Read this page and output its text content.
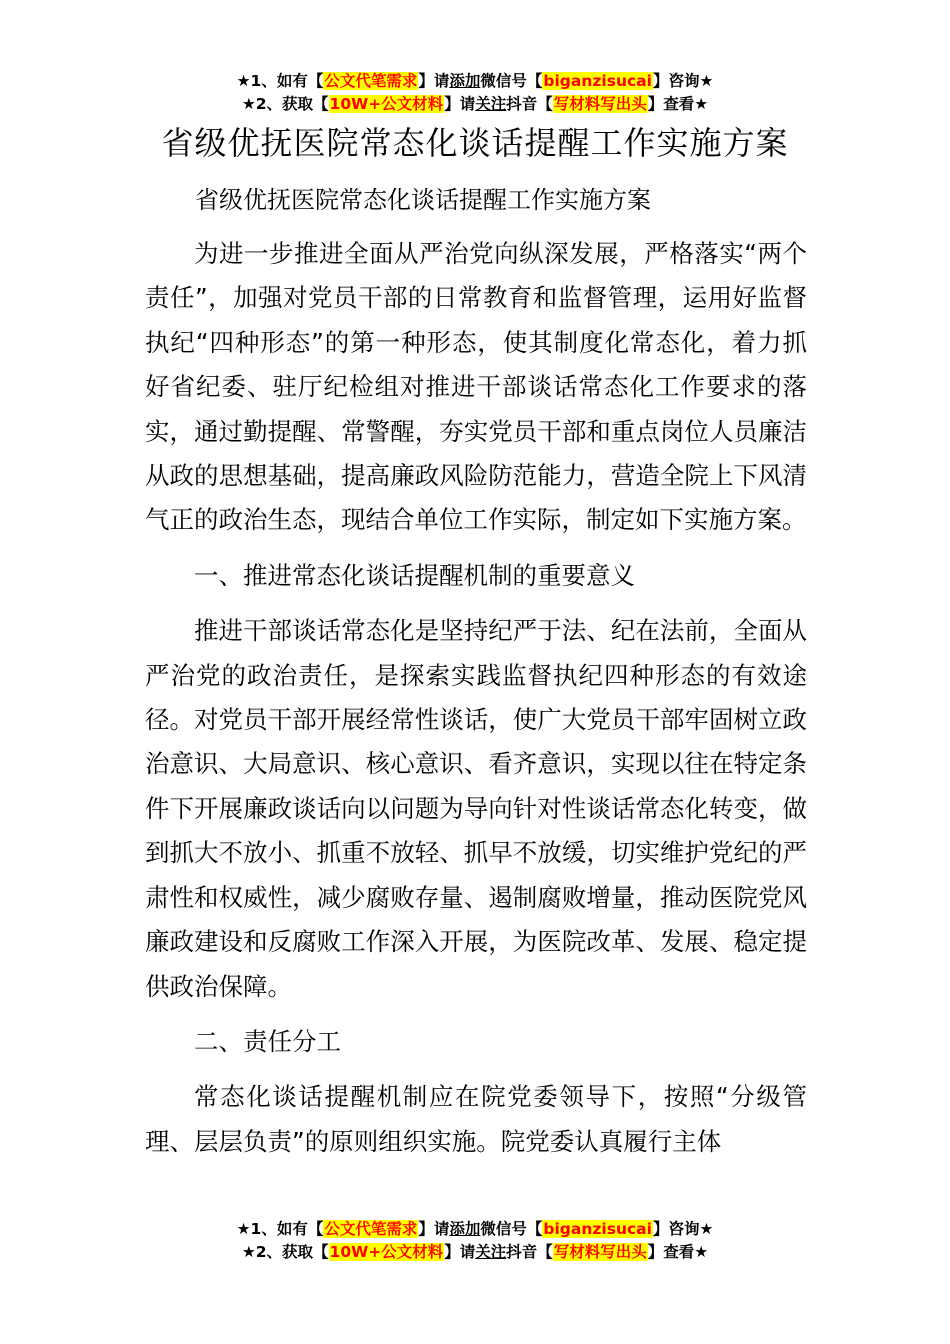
★1、如有【公文代笔需求】请添加微信号【biganzisucai】咨询★
★2、获取【10W+公文材料】请关注抖音【写材料写出头】查看★
省级优抚医院常态化谈话提醒工作实施方案
省级优抚医院常态化谈话提醒工作实施方案

为进一步推进全面从严治党向纵深发展，严格落实“两个责任”，加强对党员干部的日常教育和监督管理，运用好监督执纪“四种形态”的第一种形态，使其制度化常态化，着力抓好省纪委、驻厅纪检组对推进干部谈话常态化工作要求的落实，通过勤提醒、常警醒，夯实党员干部和重点岗位人员廉洁从政的思想基础，提高廉政风险防范能力，营造全院上下风清气正的政治生态，现结合单位工作实际，制定如下实施方案。

一、推进常态化谈话提醒机制的重要意义

推进干部谈话常态化是坚持纪严于法、纪在法前，全面从严治党的政治责任，是探索实践监督执纪四种形态的有效途径。对党员干部开展经常性谈话，使广大党员干部牢固树立政治意识、大局意识、核心意识、看齐意识，实现以往在特定条件下开展廉政谈话向以问题为导向针对性谈话常态化转变，做到抓大不放小、抓重不放轻、抓早不放缓，切实维护党纪的严肃性和权威性，减少腐败存量、遏制腐败增量，推动医院党风廉政建设和反腐败工作深入开展，为医院改革、发展、稳定提供政治保障。

二、责任分工

常态化谈话提醒机制应在院党委领导下，按照“分级管理、层层负责”的原则组织实施。院党委认真履行主体

★1、如有【公文代笔需求】请添加微信号【biganzisucai】咨询★
★2、获取【10W+公文材料】请关注抖音【写材料写出头】查看★
